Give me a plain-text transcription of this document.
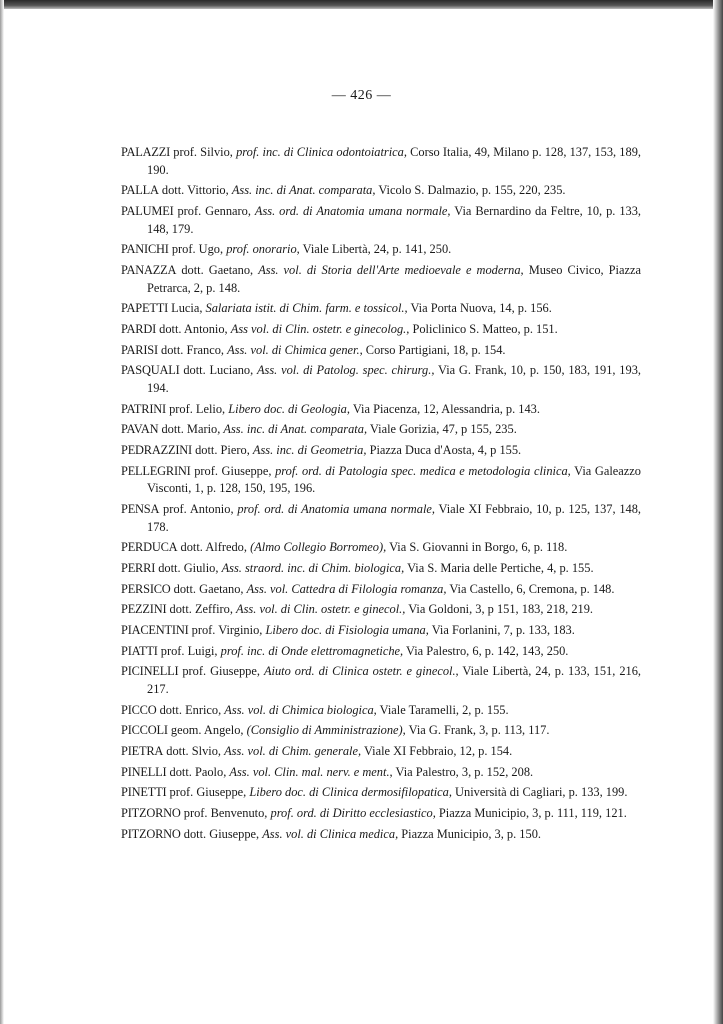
— 426 —
PALAZZI prof. Silvio, prof. inc. di Clinica odontoiatrica, Corso Italia, 49, Milano p. 128, 137, 153, 189, 190.
PALLA dott. Vittorio, Ass. inc. di Anat. comparata, Vicolo S. Dalmazio, p. 155, 220, 235.
PALUMEI prof. Gennaro, Ass. ord. di Anatomia umana normale, Via Bernardino da Feltre, 10, p. 133, 148, 179.
PANICHI prof. Ugo, prof. onorario, Viale Libertà, 24, p. 141, 250.
PANAZZA dott. Gaetano, Ass. vol. di Storia dell'Arte medioevale e moderna, Museo Civico, Piazza Petrarca, 2, p. 148.
PAPETTI Lucia, Salariata istit. di Chim. farm. e tossicol., Via Porta Nuova, 14, p. 156.
PARDI dott. Antonio, Ass vol. di Clin. ostetr. e ginecolog., Policlinico S. Matteo, p. 151.
PARISI dott. Franco, Ass. vol. di Chimica gener., Corso Partigiani, 18, p. 154.
PASQUALI dott. Luciano, Ass. vol. di Patolog. spec. chirurg., Via G. Frank, 10, p. 150, 183, 191, 193, 194.
PATRINI prof. Lelio, Libero doc. di Geologia, Via Piacenza, 12, Alessandria, p. 143.
PAVAN dott. Mario, Ass. inc. di Anat. comparata, Viale Gorizia, 47, p 155, 235.
PEDRAZZINI dott. Piero, Ass. inc. di Geometria, Piazza Duca d'Aosta, 4, p 155.
PELLEGRINI prof. Giuseppe, prof. ord. di Patologia spec. medica e metodologia clinica, Via Galeazzo Visconti, 1, p. 128, 150, 195, 196.
PENSA prof. Antonio, prof. ord. di Anatomia umana normale, Viale XI Febbraio, 10, p. 125, 137, 148, 178.
PERDUCA dott. Alfredo, (Almo Collegio Borromeo), Via S. Giovanni in Borgo, 6, p. 118.
PERRI dott. Giulio, Ass. straord. inc. di Chim. biologica, Via S. Maria delle Pertiche, 4, p. 155.
PERSICO dott. Gaetano, Ass. vol. Cattedra di Filologia romanza, Via Castello, 6, Cremona, p. 148.
PEZZINI dott. Zeffiro, Ass. vol. di Clin. ostetr. e ginecol., Via Goldoni, 3, p 151, 183, 218, 219.
PIACENTINI prof. Virginio, Libero doc. di Fisiologia umana, Via Forlanini, 7, p. 133, 183.
PIATTI prof. Luigi, prof. inc. di Onde elettromagnetiche, Via Palestro, 6, p. 142, 143, 250.
PICINELLI prof. Giuseppe, Aiuto ord. di Clinica ostetr. e ginecol., Viale Libertà, 24, p. 133, 151, 216, 217.
PICCO dott. Enrico, Ass. vol. di Chimica biologica, Viale Taramelli, 2, p. 155.
PICCOLI geom. Angelo, (Consiglio di Amministrazione), Via G. Frank, 3, p. 113, 117.
PIETRA dott. Slvio, Ass. vol. di Chim. generale, Viale XI Febbraio, 12, p. 154.
PINELLI dott. Paolo, Ass. vol. Clin. mal. nerv. e ment., Via Palestro, 3, p. 152, 208.
PINETTI prof. Giuseppe, Libero doc. di Clinica dermosifilopatica, Università di Cagliari, p. 133, 199.
PITZORNO prof. Benvenuto, prof. ord. di Diritto ecclesiastico, Piazza Municipio, 3, p. 111, 119, 121.
PITZORNO dott. Giuseppe, Ass. vol. di Clinica medica, Piazza Municipio, 3, p. 150.
